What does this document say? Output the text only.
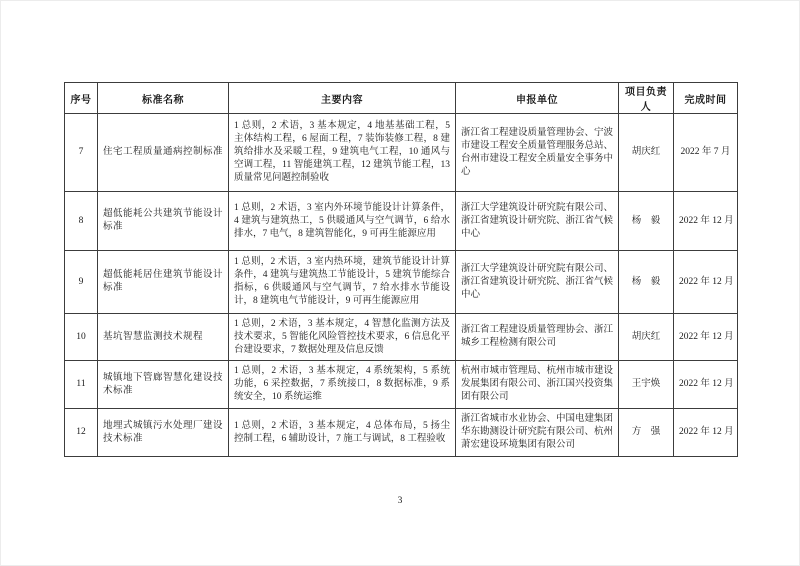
序号	标准名称	主要内容	申报单位	项目负责人	完成时间
7	住宅工程质量通病控制标准	1 总则，2 术语，3 基本规定，4 地基基础工程，5 主体结构工程，6 屋面工程，7 装饰装修工程，8 建筑给排水及采暖工程，9 建筑电气工程，10 通风与空调工程，11 智能建筑工程，12 建筑节能工程，13 质量常见问题控制验收	浙江省工程建设质量管理协会、宁波市建设工程安全质量管理服务总站、台州市建设工程安全质量安全事务中心	胡庆红	2022 年 7 月
8	超低能耗公共建筑节能设计标准	1 总则，2 术语，3 室内外环境节能设计计算条件，4 建筑与建筑热工，5 供暖通风与空气调节，6 给水排水，7 电气，8 建筑智能化，9 可再生能源应用	浙江大学建筑设计研究院有限公司、浙江省建筑设计研究院、浙江省气候中心	杨　毅	2022 年 12 月
9	超低能耗居住建筑节能设计标准	1 总则，2 术语，3 室内热环境，建筑节能设计计算条件，4 建筑与建筑热工节能设计，5 建筑节能综合指标，6 供暖通风与空气调节，7 给水排水节能设计，8 建筑电气节能设计，9 可再生能源应用	浙江大学建筑设计研究院有限公司、浙江省建筑设计研究院、浙江省气候中心	杨　毅	2022 年 12 月
10	基坑智慧监测技术规程	1 总则，2 术语，3 基本规定，4 智慧化监测方法及技术要求，5 智能化风险管控技术要求，6 信息化平台建设要求，7 数据处理及信息反馈	浙江省工程建设质量管理协会、浙江城乡工程检测有限公司	胡庆红	2022 年 12 月
11	城镇地下管廊智慧化建设技术标准	1 总则，2 术语，3 基本规定，4 系统架构，5 系统功能，6 采控数据，7 系统接口，8 数据标准，9 系统安全，10 系统运维	杭州市城市管理局、杭州市城市建设发展集团有限公司、浙江国兴投资集团有限公司	王宇焕	2022 年 12 月
12	地埋式城镇污水处理厂建设技术标准	1 总则，2 术语，3 基本规定，4 总体布局，5 扬尘控制工程，6 辅助设计，7 施工与调试，8 工程验收	浙江省城市水业协会、中国电建集团华东勘测设计研究院有限公司、杭州萧宏建设环境集团有限公司	方　强	2022 年 12 月
3
